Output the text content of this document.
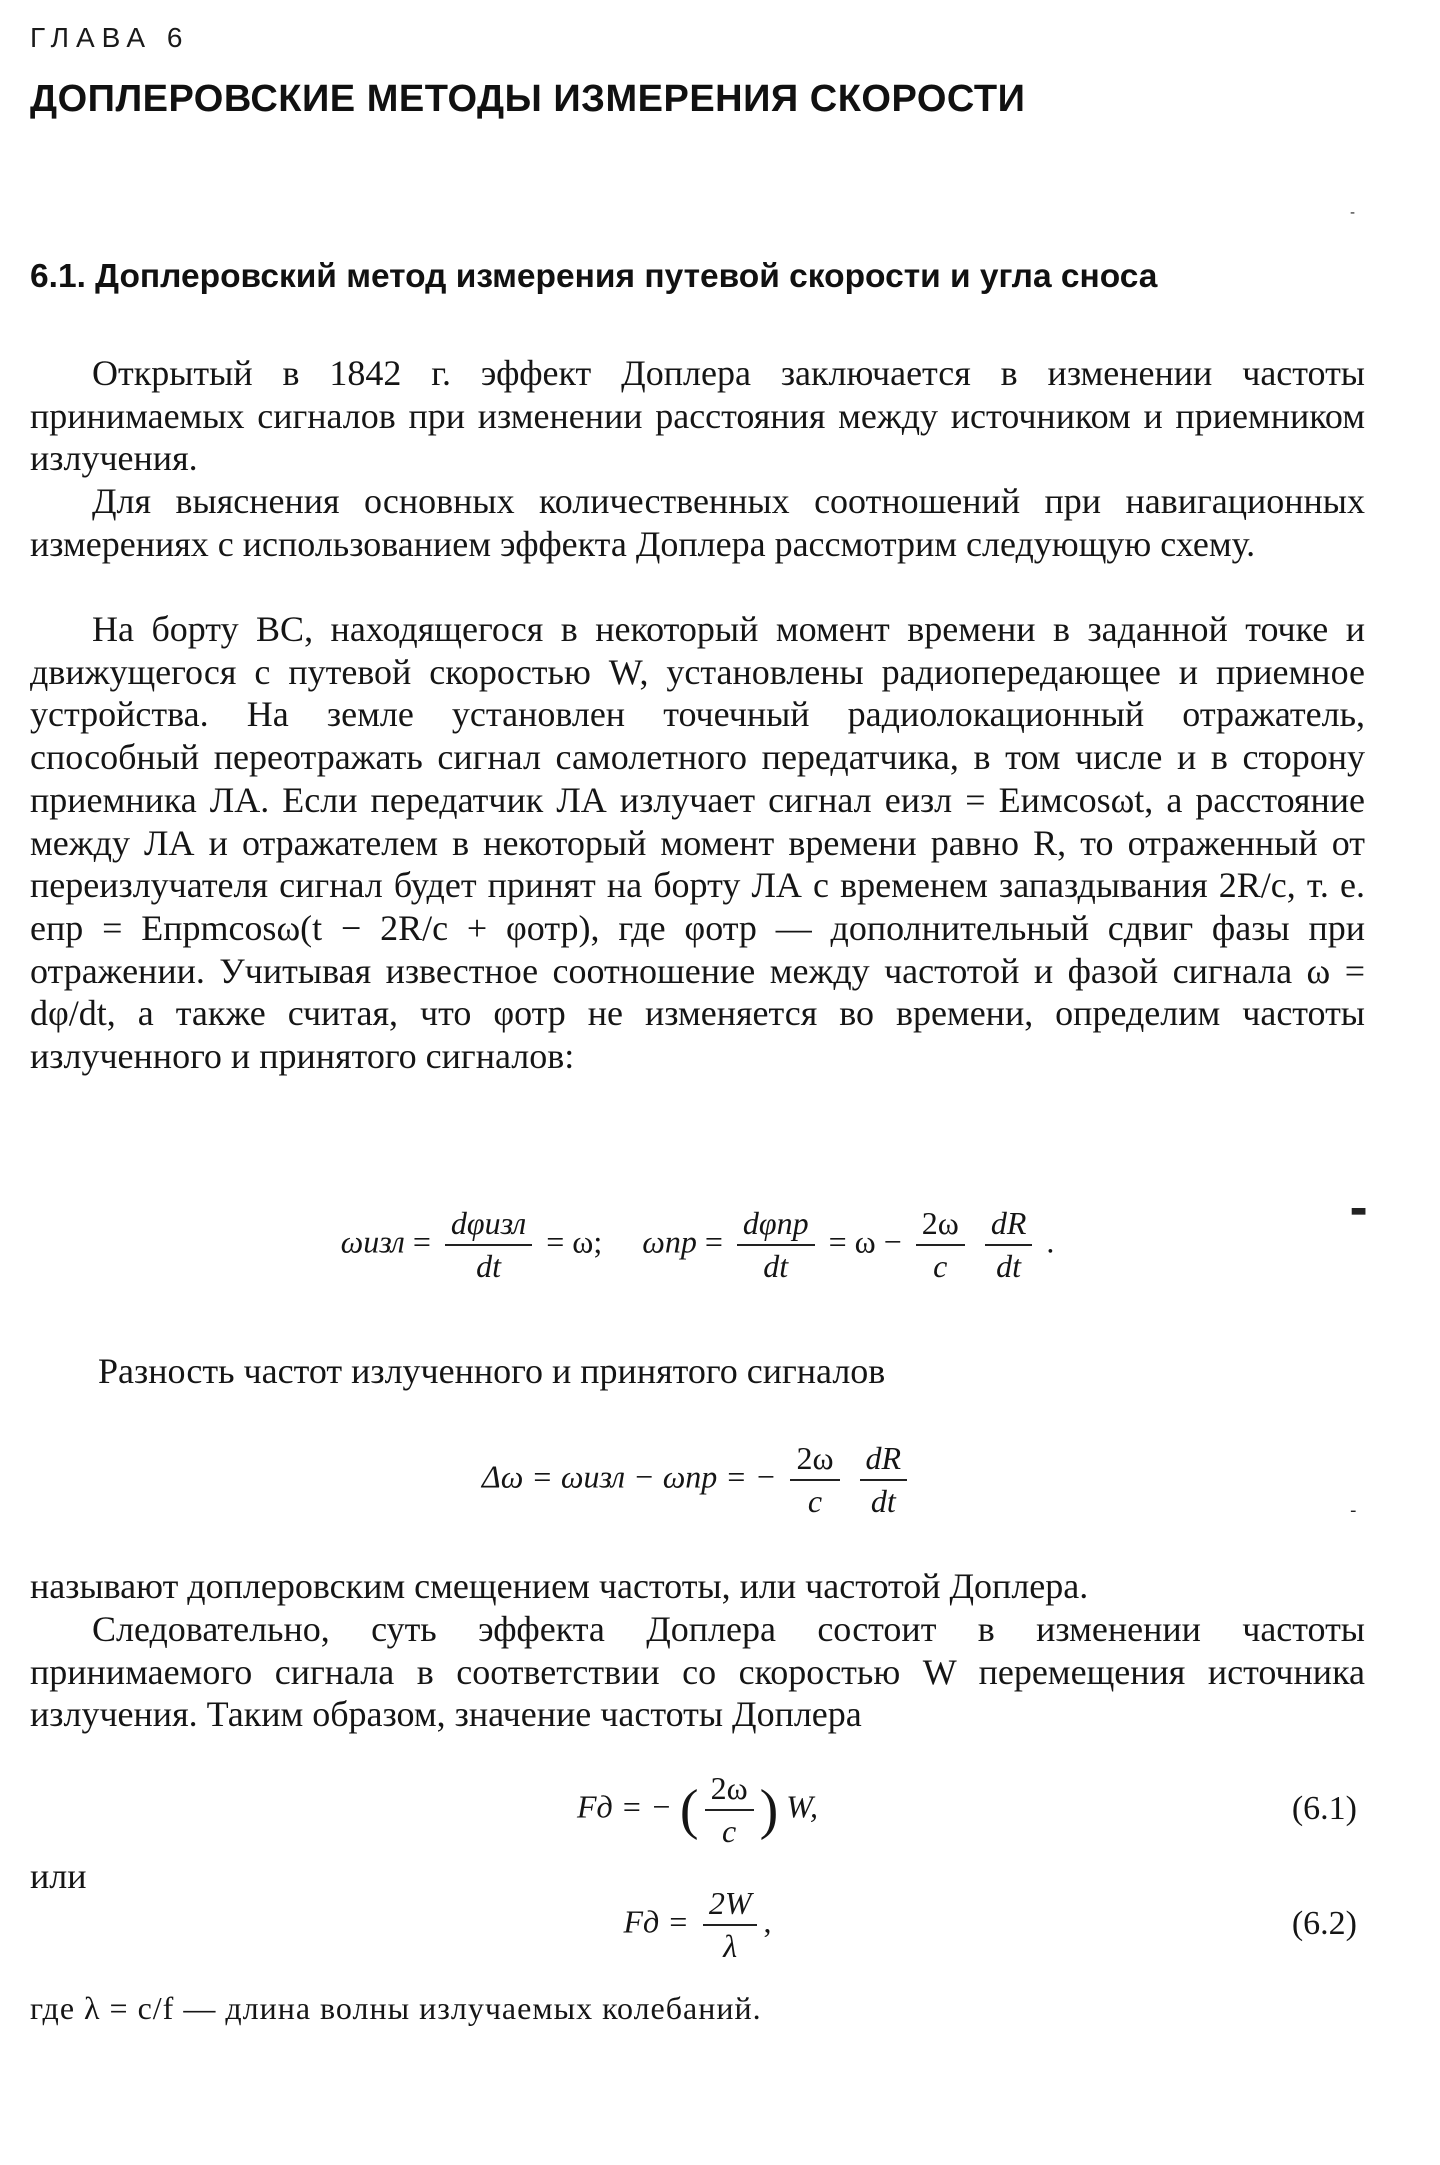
ГЛАВА 6
ДОПЛЕРОВСКИЕ МЕТОДЫ ИЗМЕРЕНИЯ СКОРОСТИ
6.1. Доплеровский метод измерения путевой скорости и угла сноса

Открытый в 1842 г. эффект Доплера заключается в изменении частоты принимаемых сигналов при изменении расстояния между источником и приемником излучения.

Для выяснения основных количественных соотношений при навигационных измерениях с использованием эффекта Доплера рассмотрим следующую схему.

На борту ВС, находящегося в некоторый момент времени в заданной точке и движущегося с путевой скоростью W, установлены радиопередающее и приемное устройства. На земле установлен точечный радиолокационный отражатель, способный переотражать сигнал самолетного передатчика, в том числе и в сторону приемника ЛА. Если передатчик ЛА излучает сигнал eизл = Eимcosωt, а расстояние между ЛА и отражателем в некоторый момент времени равно R, то отраженный от переизлучателя сигнал будет принят на борту ЛА с временем запаздывания 2R/c, т. е. eпр = Eпрmcosω(t − 2R/c + φотр), где φотр — дополнительный сдвиг фазы при отражении. Учитывая известное соотношение между частотой и фазой сигнала ω = dφ/dt, а также считая, что φотр не изменяется во времени, определим частоты излученного и принятого сигналов:

$\omega изл = \frac{\text{dφизл}}{dt} = \omega$; $\omega пр = \frac{\text{dφпр}}{dt} = \omega - \frac{2\omega}{c}$
$\frac{dR}{dt}$ .
Разность частот излученного и принятого сигналов
Δω = ωизл − ωпр = − $\frac{2\omega}{c}$
$\frac{dR}{dt}$

называют доплеровским смещением частоты, или частотой Доплера.

Следовательно, суть эффекта Доплера состоит в изменении частоты принимаемого сигнала в соответствии со скоростью W перемещения источника излучения. Таким образом, значение частоты Доплера

Fд = − ( $\frac{2\omega}{c}$ ) W,	(6.1)
или
Fд = $\frac{2W}{\lambda}$ ,	(6.2)
где λ = c/f — длина волны излучаемых колебаний.
-
▬
-
